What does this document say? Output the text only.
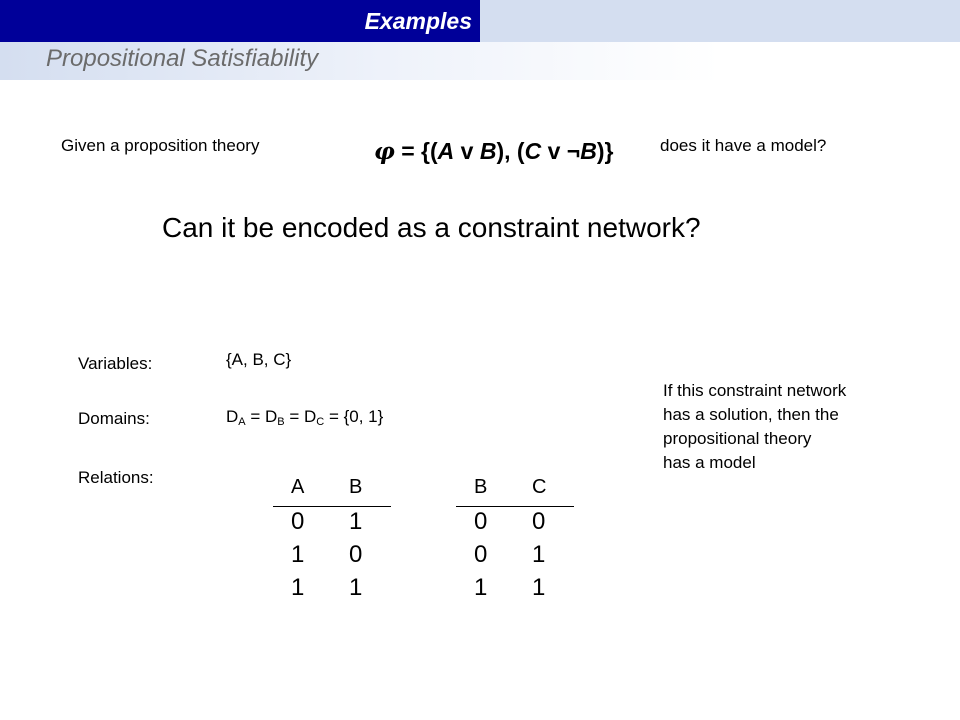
Examples
Propositional Satisfiability
Given a proposition theory	φ = {(A v B), (C v ¬B)}	does it have a model?
Can it be encoded as a constraint network?
Variables:	{A, B, C}
Domains:	$D_A = D_B = D_C = \{0$, 1}
Relations:	A B
0 1
1 0
1 1
B C
0 0
0 1
1 1
If this constraint network
has a solution, then the
propositional theory
has a model
